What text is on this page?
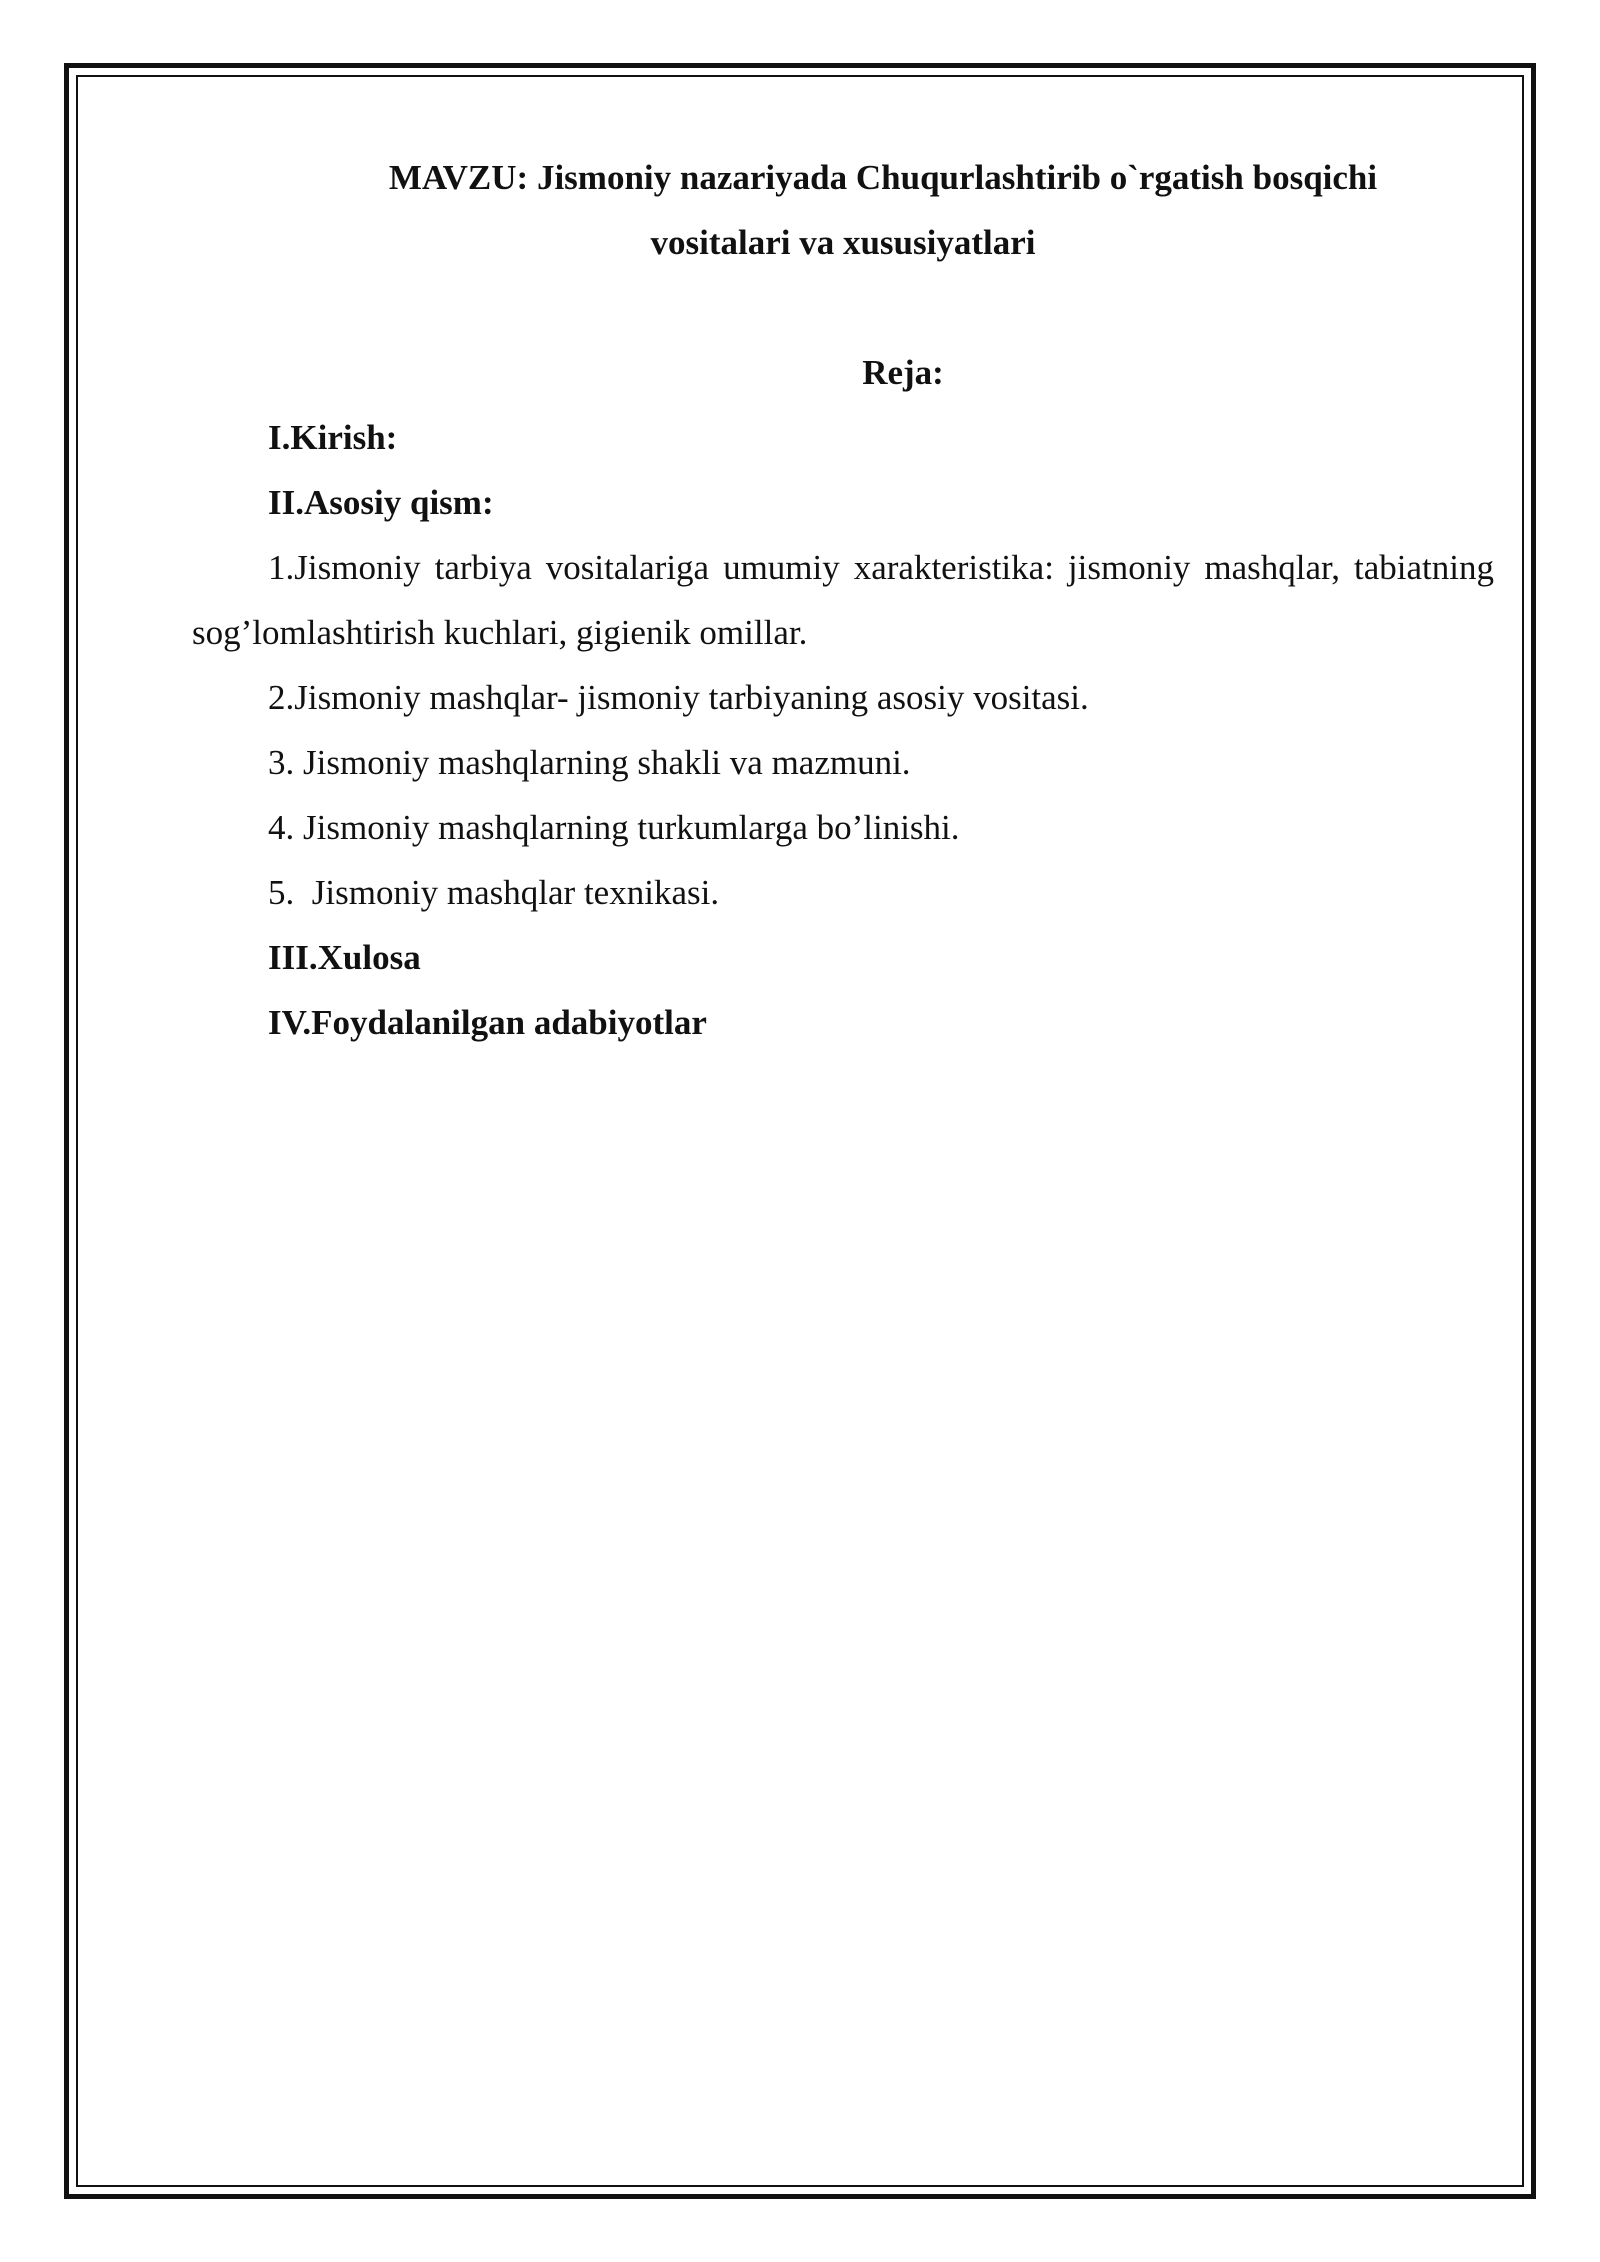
MAVZU: Jismoniy nazariyada Chuqurlashtirib o`rgatish bosqichi

vositalari va xususiyatlari

Reja:

I.Kirish:

II.Asosiy qism:

1.Jismoniy tarbiya vositalariga umumiy xarakteristika: jismoniy mashqlar, tabiatning sog’lomlashtirish kuchlari, gigienik omillar.

2.Jismoniy mashqlar- jismoniy tarbiyaning asosiy vositasi.

3. Jismoniy mashqlarning shakli va mazmuni.

4. Jismoniy mashqlarning turkumlarga bo’linishi.

5.  Jismoniy mashqlar texnikasi.

III.Xulosa

IV.Foydalanilgan adabiyotlar
